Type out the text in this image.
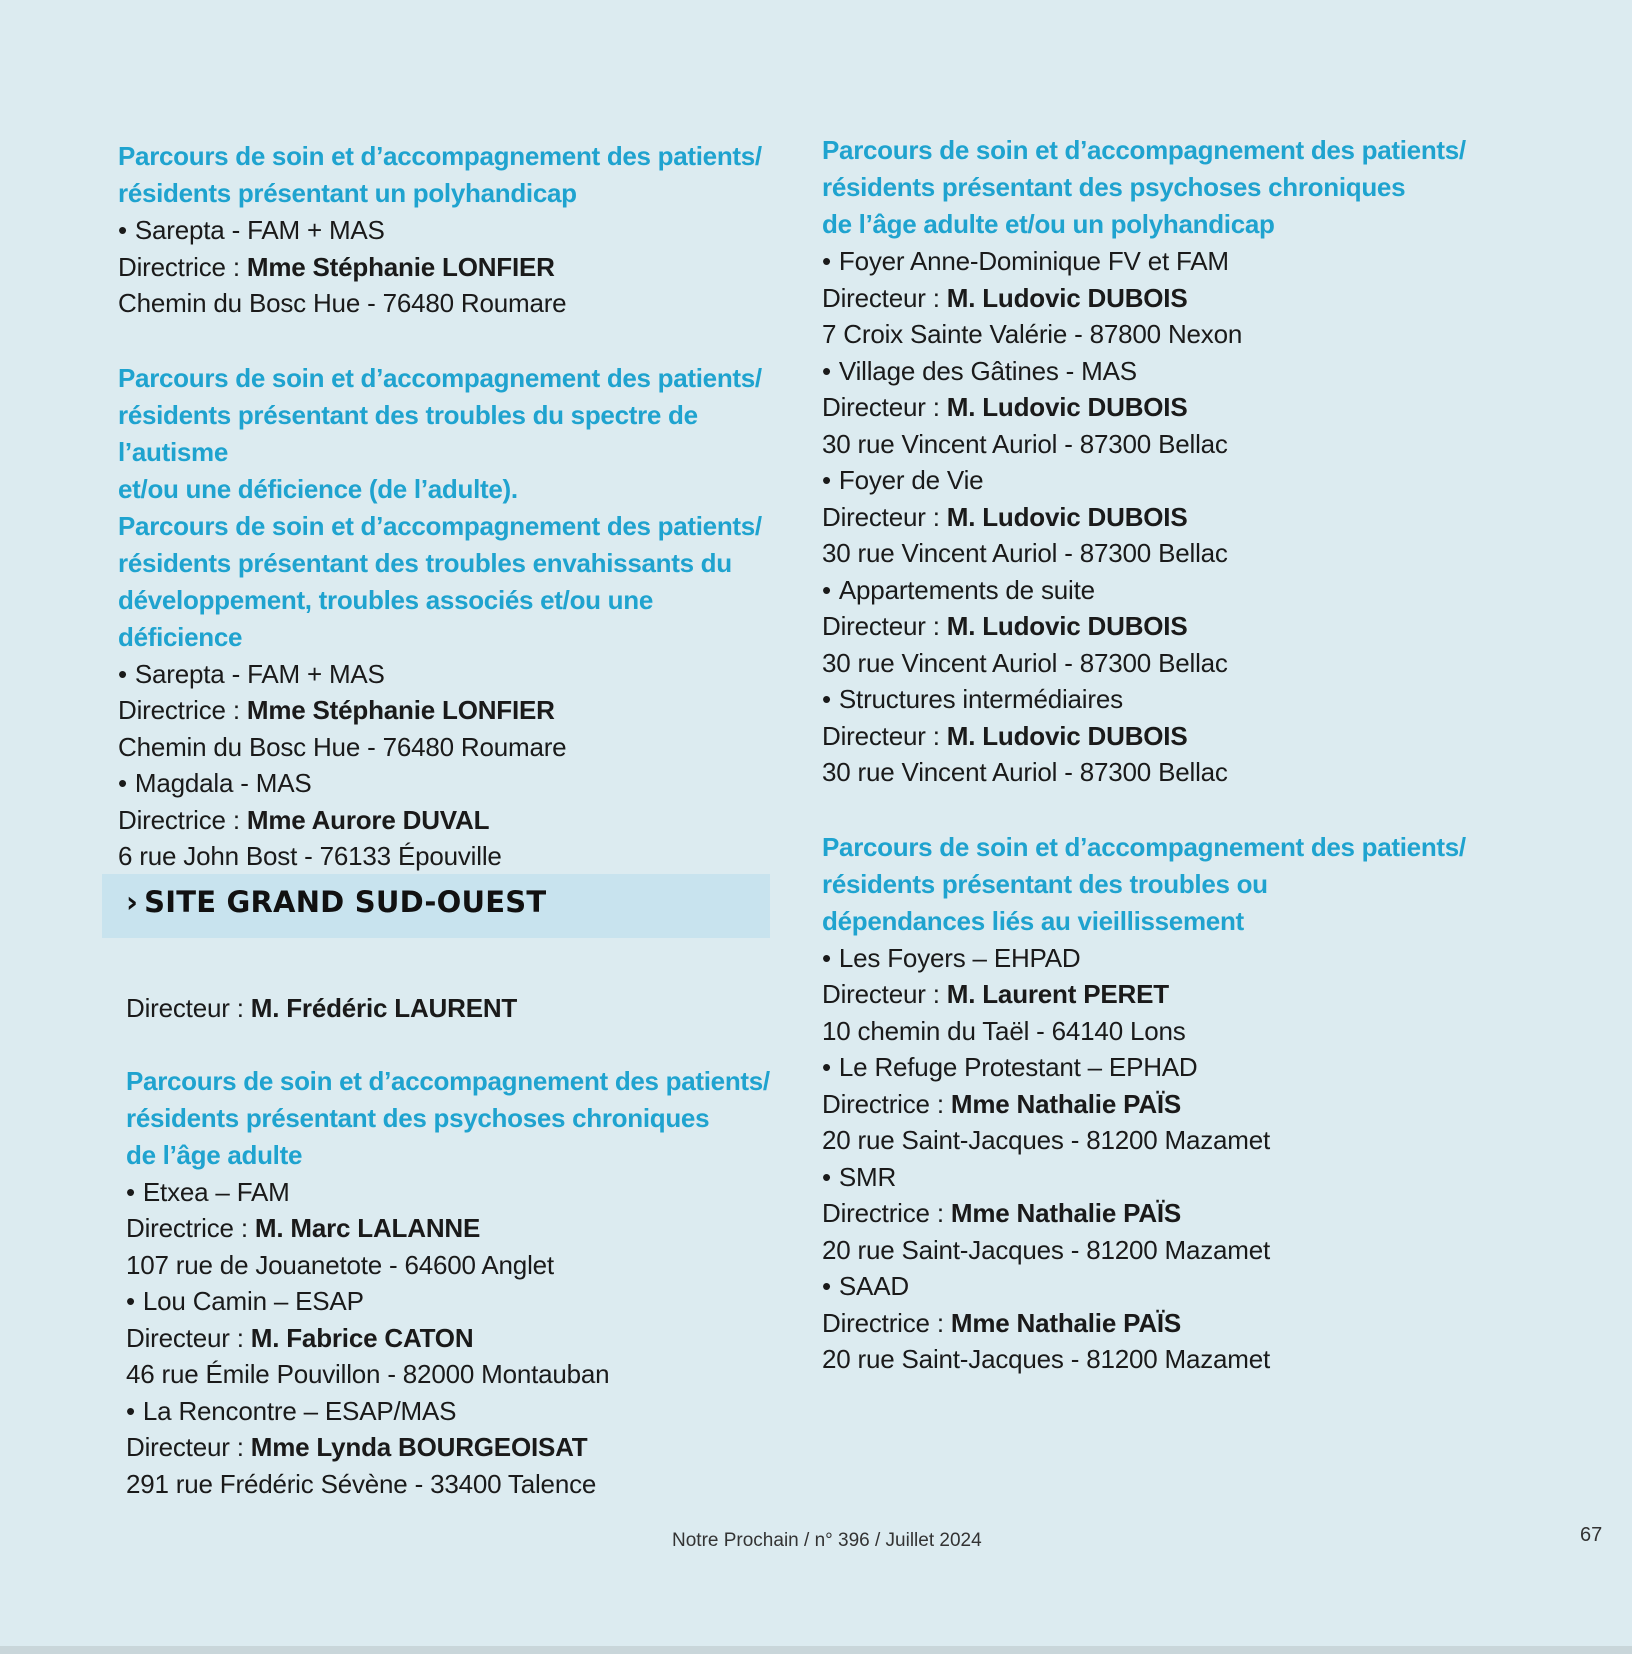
Parcours de soin et d’accompagnement des patients/
résidents présentant un polyhandicap

• Sarepta - FAM + MAS

Directrice : Mme Stéphanie LONFIER

Chemin du Bosc Hue - 76480 Roumare

Parcours de soin et d’accompagnement des patients/
résidents présentant des troubles du spectre de l’autisme
et/ou une déficience (de l’adulte).
Parcours de soin et d’accompagnement des patients/
résidents présentant des troubles envahissants du
développement, troubles associés et/ou une déficience

• Sarepta - FAM + MAS

Directrice : Mme Stéphanie LONFIER

Chemin du Bosc Hue - 76480 Roumare

• Magdala - MAS

Directrice : Mme Aurore DUVAL

6 rue John Bost - 76133 Épouville

› SITE GRAND SUD-OUEST

Directeur : M. Frédéric LAURENT

Parcours de soin et d’accompagnement des patients/
résidents présentant des psychoses chroniques
de l’âge adulte

• Etxea – FAM

Directrice : M. Marc LALANNE

107 rue de Jouanetote - 64600 Anglet

• Lou Camin – ESAP

Directeur : M. Fabrice CATON

46 rue Émile Pouvillon - 82000 Montauban

• La Rencontre – ESAP/MAS

Directeur : Mme Lynda BOURGEOISAT

291 rue Frédéric Sévène - 33400 Talence

Parcours de soin et d’accompagnement des patients/
résidents présentant des psychoses chroniques
de l’âge adulte et/ou un polyhandicap

• Foyer Anne-Dominique FV et FAM

Directeur : M. Ludovic DUBOIS

7 Croix Sainte Valérie - 87800 Nexon

• Village des Gâtines - MAS

Directeur : M. Ludovic DUBOIS

30 rue Vincent Auriol - 87300 Bellac

• Foyer de Vie

Directeur : M. Ludovic DUBOIS

30 rue Vincent Auriol - 87300 Bellac

• Appartements de suite

Directeur : M. Ludovic DUBOIS

30 rue Vincent Auriol - 87300 Bellac

• Structures intermédiaires

Directeur : M. Ludovic DUBOIS

30 rue Vincent Auriol - 87300 Bellac

Parcours de soin et d’accompagnement des patients/
résidents présentant des troubles ou
dépendances liés au vieillissement

• Les Foyers – EHPAD

Directeur : M. Laurent PERET

10 chemin du Taël - 64140 Lons

• Le Refuge Protestant – EPHAD

Directrice : Mme Nathalie PAÏS

20 rue Saint-Jacques - 81200 Mazamet

• SMR

Directrice : Mme Nathalie PAÏS

20 rue Saint-Jacques - 81200 Mazamet

• SAAD

Directrice : Mme Nathalie PAÏS

20 rue Saint-Jacques - 81200 Mazamet

Notre Prochain / n° 396 / Juillet 2024	67
